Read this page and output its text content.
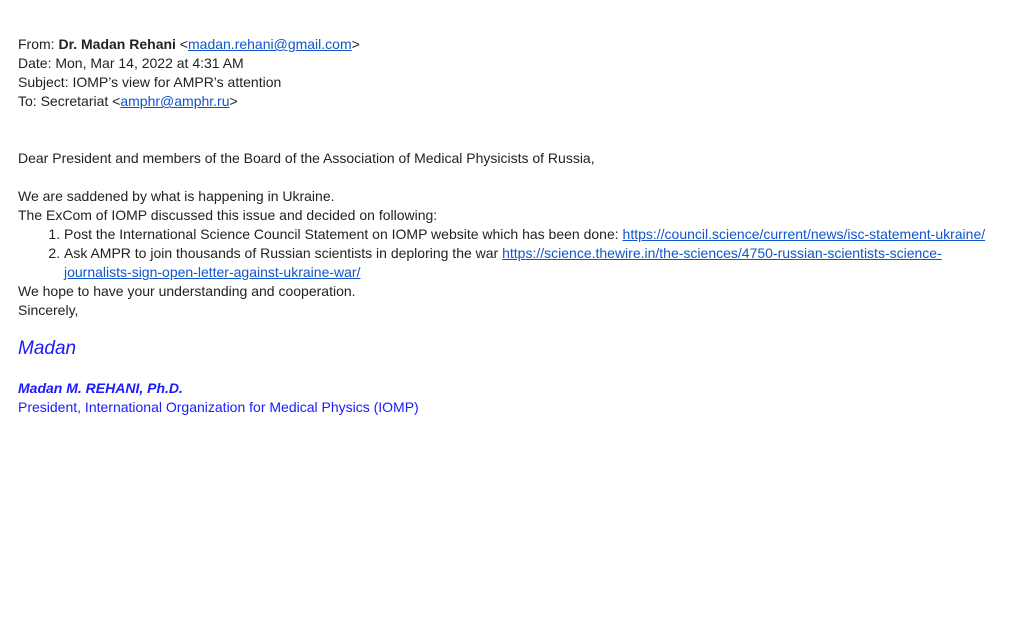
From: Dr. Madan Rehani <madan.rehani@gmail.com>
Date: Mon, Mar 14, 2022 at 4:31 AM
Subject: IOMP’s view for AMPR’s attention
To: Secretariat <amphr@amphr.ru>
Dear President and members of the Board of the Association of Medical Physicists of Russia,
We are saddened by what is happening in Ukraine.
The ExCom of IOMP discussed this issue and decided on following:
1. Post the International Science Council Statement on IOMP website which has been done: https://council.science/current/news/isc-statement-ukraine/
2. Ask AMPR to join thousands of Russian scientists in deploring the war https://science.thewire.in/the-sciences/4750-russian-scientists-science-journalists-sign-open-letter-against-ukraine-war/
We hope to have your understanding and cooperation.
Sincerely,
Madan
Madan M. REHANI, Ph.D.
President, International Organization for Medical Physics (IOMP)
